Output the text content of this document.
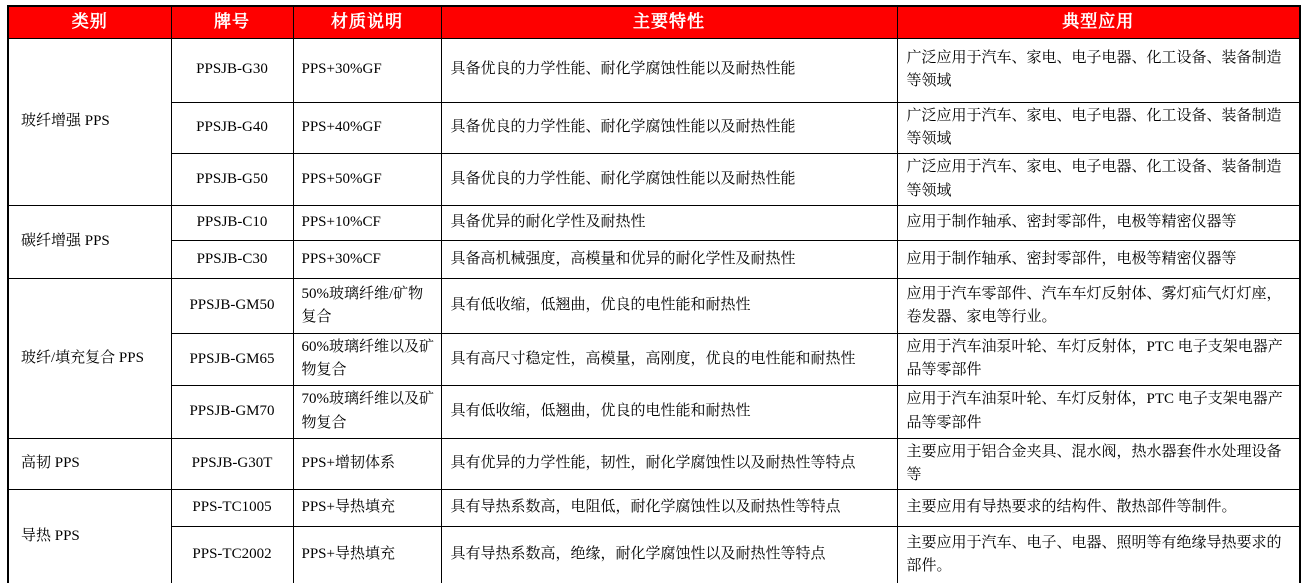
类别	牌号	材质说明	主要特性	典型应用
玻纤增强 PPS	PPSJB-G30	PPS+30%GF	具备优良的力学性能、耐化学腐蚀性能以及耐热性能	广泛应用于汽车、家电、电子电器、化工设备、装备制造等领域
	PPSJB-G40	PPS+40%GF	具备优良的力学性能、耐化学腐蚀性能以及耐热性能	广泛应用于汽车、家电、电子电器、化工设备、装备制造等领域
	PPSJB-G50	PPS+50%GF	具备优良的力学性能、耐化学腐蚀性能以及耐热性能	广泛应用于汽车、家电、电子电器、化工设备、装备制造等领域
碳纤增强 PPS	PPSJB-C10	PPS+10%CF	具备优异的耐化学性及耐热性	应用于制作轴承、密封零部件，电极等精密仪器等
	PPSJB-C30	PPS+30%CF	具备高机械强度，高模量和优异的耐化学性及耐热性	应用于制作轴承、密封零部件，电极等精密仪器等
玻纤/填充复合 PPS	PPSJB-GM50	50%玻璃纤维/矿物复合	具有低收缩，低翘曲，优良的电性能和耐热性	应用于汽车零部件、汽车车灯反射体、雾灯疝气灯灯座，卷发器、家电等行业。
	PPSJB-GM65	60%玻璃纤维以及矿物复合	具有高尺寸稳定性，高模量，高刚度，优良的电性能和耐热性	应用于汽车油泵叶轮、车灯反射体，PTC 电子支架电器产品等零部件
	PPSJB-GM70	70%玻璃纤维以及矿物复合	具有低收缩，低翘曲，优良的电性能和耐热性	应用于汽车油泵叶轮、车灯反射体，PTC 电子支架电器产品等零部件
高韧 PPS	PPSJB-G30T	PPS+增韧体系	具有优异的力学性能，韧性，耐化学腐蚀性以及耐热性等特点	主要应用于铝合金夹具、混水阀，热水器套件水处理设备等
导热 PPS	PPS-TC1005	PPS+导热填充	具有导热系数高，电阻低，耐化学腐蚀性以及耐热性等特点	主要应用有导热要求的结构件、散热部件等制件。
	PPS-TC2002	PPS+导热填充	具有导热系数高，绝缘，耐化学腐蚀性以及耐热性等特点	主要应用于汽车、电子、电器、照明等有绝缘导热要求的部件。
